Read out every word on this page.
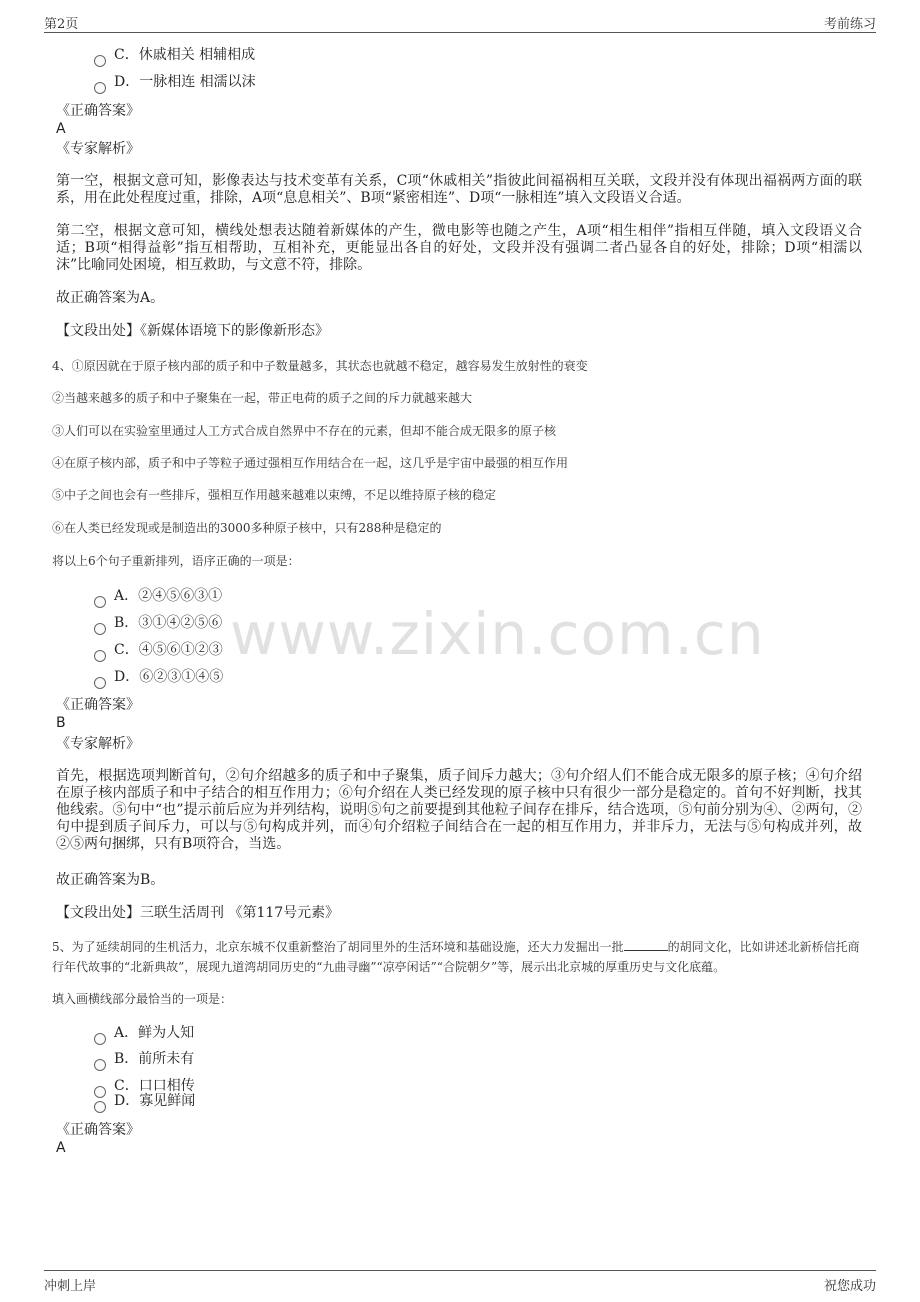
第2页	考前练习
www.zixin.com.cn
C．休戚相关 相辅相成
D．一脉相连 相濡以沫
《正确答案》
A
《专家解析》
第一空，根据文意可知，影像表达与技术变革有关系，C项“休戚相关”指彼此间福祸相互关联，文段并没有体现出福祸两方面的联系，用在此处程度过重，排除，A项“息息相关”、B项“紧密相连”、D项“一脉相连”填入文段语义合适。
第二空，根据文意可知，横线处想表达随着新媒体的产生，微电影等也随之产生，A项“相生相伴”指相互伴随，填入文段语义合适；B项“相得益彰”指互相帮助，互相补充，更能显出各自的好处，文段并没有强调二者凸显各自的好处，排除；D项“相濡以沫”比喻同处困境，相互救助，与文意不符，排除。
故正确答案为A。
【文段出处】《新媒体语境下的影像新形态》
4、①原因就在于原子核内部的质子和中子数量越多，其状态也就越不稳定，越容易发生放射性的衰变
②当越来越多的质子和中子聚集在一起，带正电荷的质子之间的斥力就越来越大
③人们可以在实验室里通过人工方式合成自然界中不存在的元素，但却不能合成无限多的原子核
④在原子核内部，质子和中子等粒子通过强相互作用结合在一起，这几乎是宇宙中最强的相互作用
⑤中子之间也会有一些排斥，强相互作用越来越难以束缚，不足以维持原子核的稳定
⑥在人类已经发现或是制造出的3000多种原子核中，只有288种是稳定的
将以上6个句子重新排列，语序正确的一项是：
A．②④⑤⑥③①
B．③①④②⑤⑥
C．④⑤⑥①②③
D．⑥②③①④⑤
《正确答案》
B
《专家解析》
首先，根据选项判断首句，②句介绍越多的质子和中子聚集，质子间斥力越大；③句介绍人们不能合成无限多的原子核；④句介绍在原子核内部质子和中子结合的相互作用力；⑥句介绍在人类已经发现的原子核中只有很少一部分是稳定的。首句不好判断，找其他线索。⑤句中“也”提示前后应为并列结构，说明⑤句之前要提到其他粒子间存在排斥，结合选项，⑤句前分别为④、②两句，②句中提到质子间斥力，可以与⑤句构成并列，而④句介绍粒子间结合在一起的相互作用力，并非斥力，无法与⑤句构成并列，故②⑤两句捆绑，只有B项符合，当选。
故正确答案为B。
【文段出处】三联生活周刊 《第117号元素》
5、为了延续胡同的生机活力，北京东城不仅重新整治了胡同里外的生活环境和基础设施，还大力发掘出一批	的胡同文化，比如讲述北新桥信托商行年代故事的“北新典故”，展现九道湾胡同历史的“九曲寻幽”“凉亭闲话”“合院朝夕”等，展示出北京城的厚重历史与文化底蕴。
填入画横线部分最恰当的一项是：
A．鲜为人知
B．前所未有
C．口口相传
D．寡见鲜闻
《正确答案》
A
冲刺上岸	祝您成功
